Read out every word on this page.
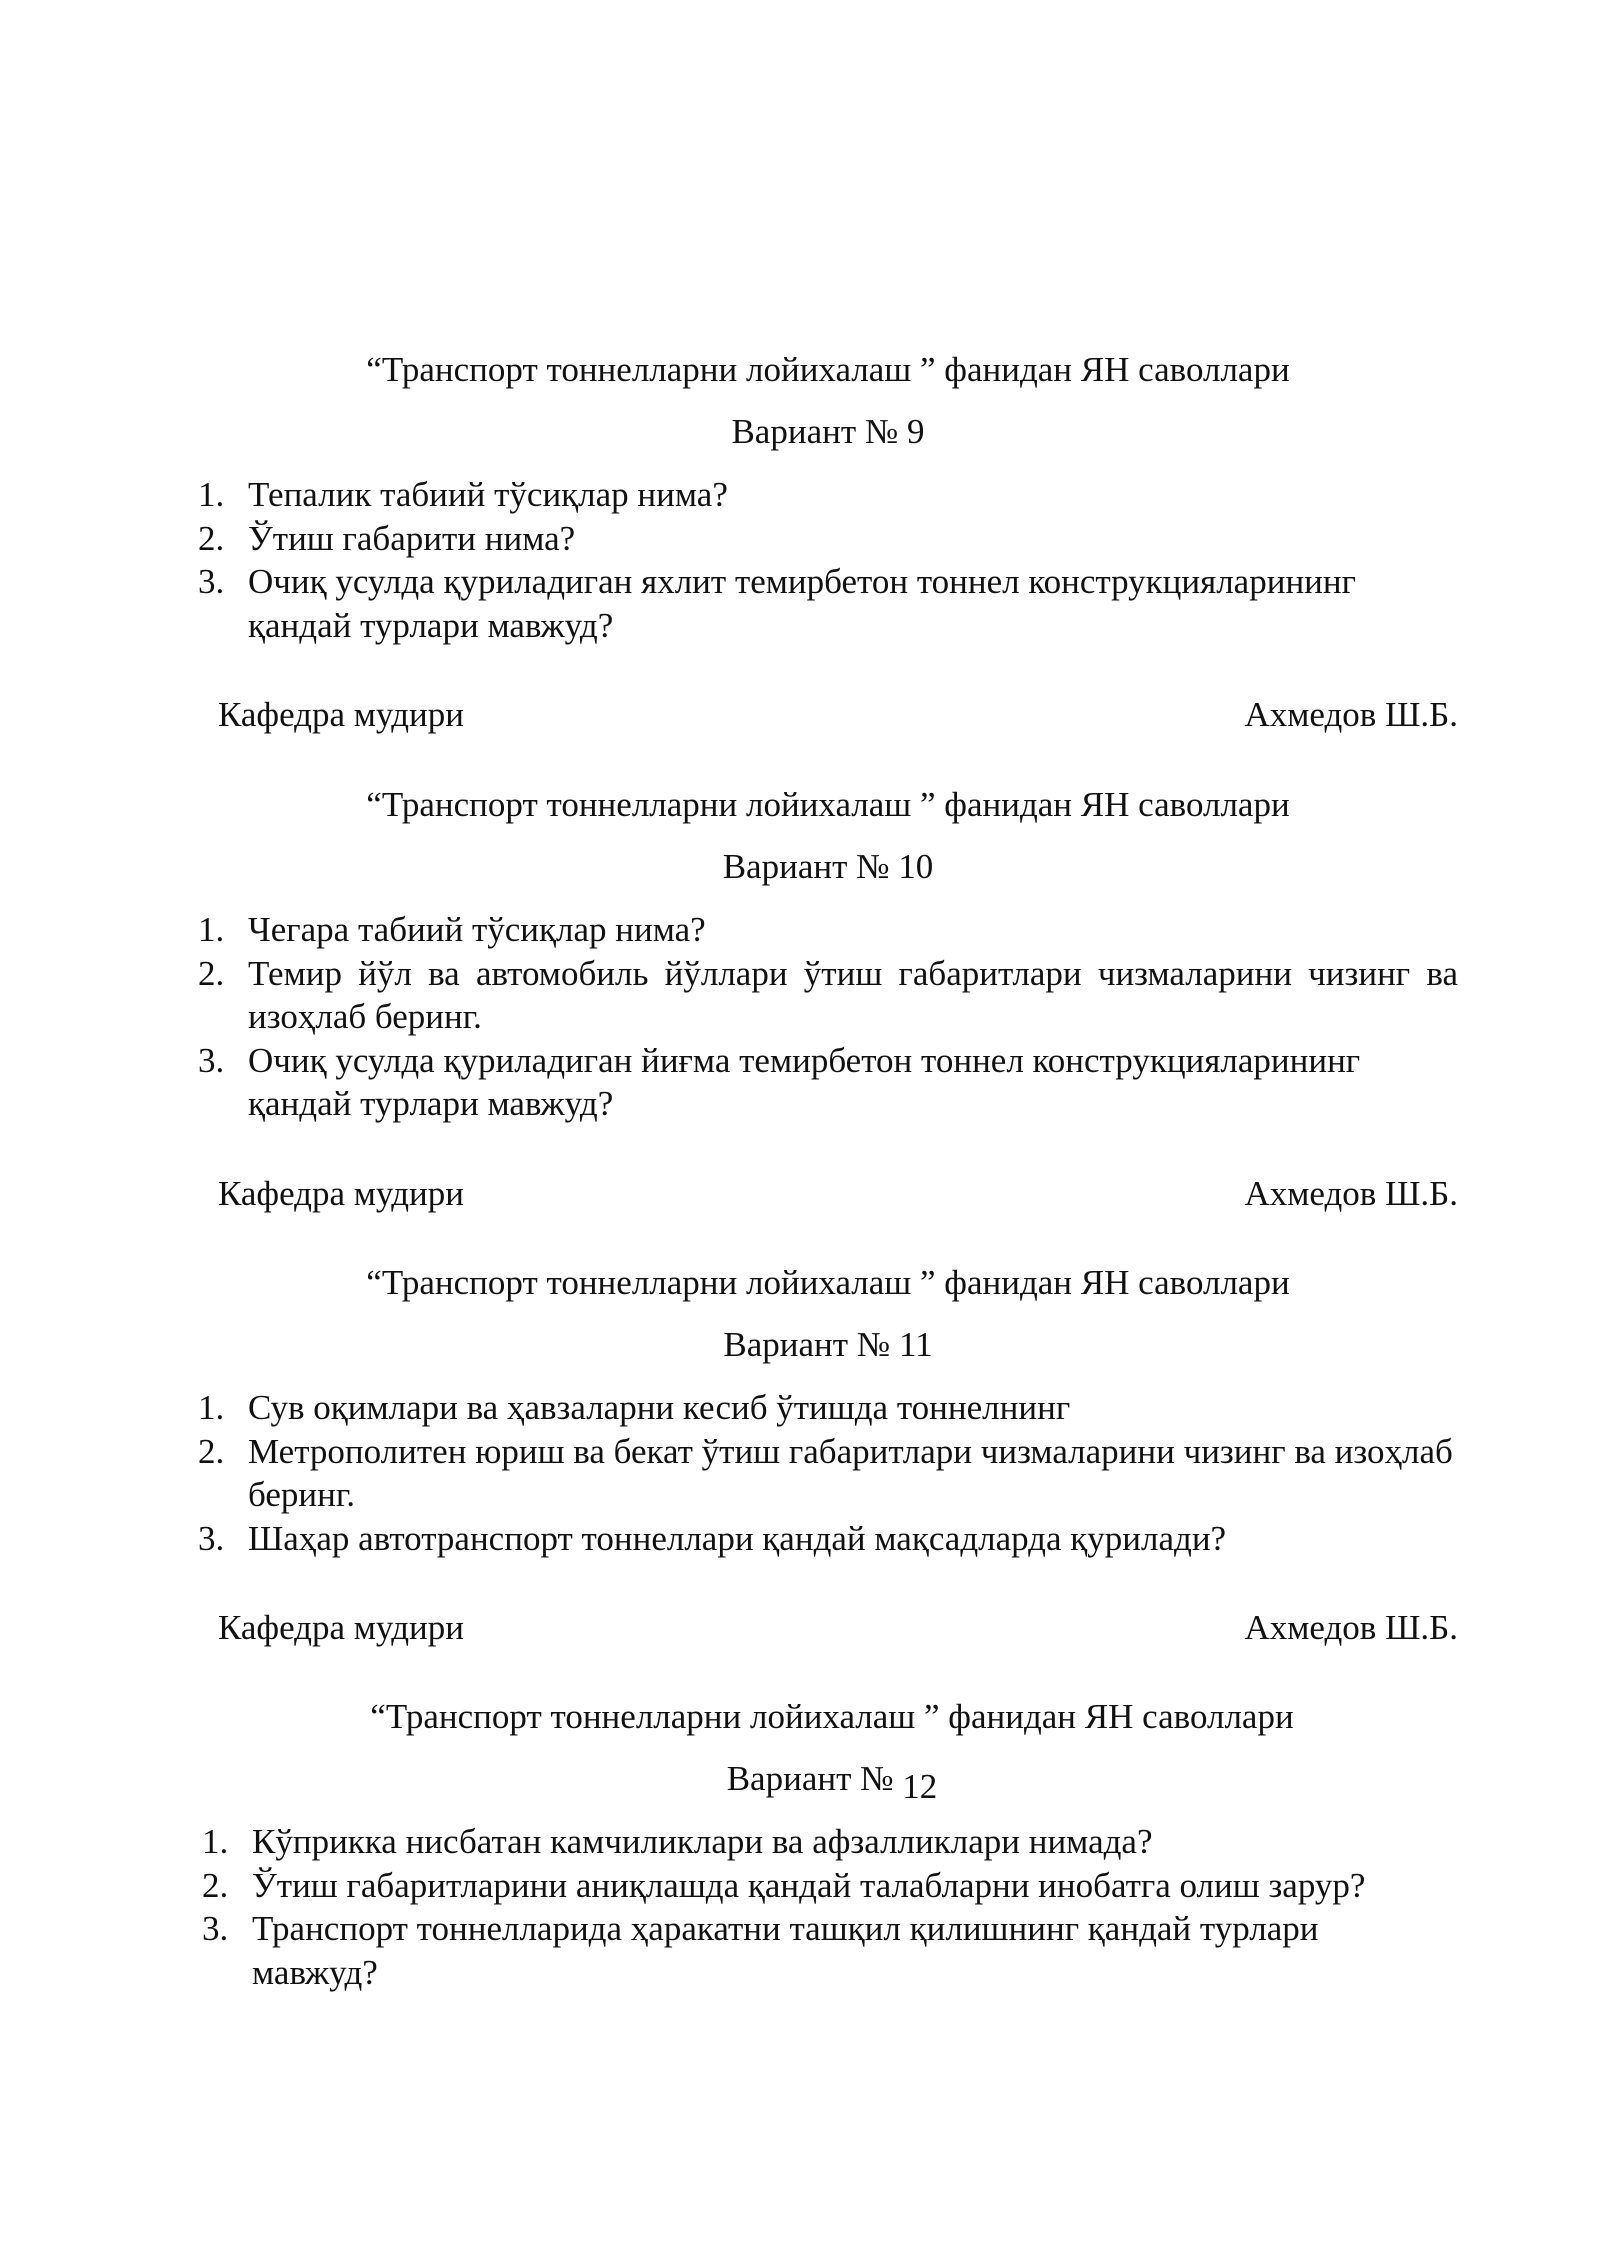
“Транспорт тоннелларни лойихалаш ” фанидан ЯН саволлари
Вариант № 9
1. Тепалик табиий тўсиқлар нима?
2. Ўтиш габарити нима?
3. Очиқ усулда қуриладиган яхлит темирбетон тоннел конструкцияларининг қандай турлари мавжуд?
Кафедра мудири	Ахмедов Ш.Б.
“Транспорт тоннелларни лойихалаш ” фанидан ЯН саволлари
Вариант № 10
1. Чегара табиий тўсиқлар нима?
2. Темир йўл ва автомобиль йўллари ўтиш габаритлари чизмаларини чизинг ва изоҳлаб беринг.
3. Очиқ усулда қуриладиган йиғма темирбетон тоннел конструкцияларининг қандай турлари мавжуд?
Кафедра мудири	Ахмедов Ш.Б.
“Транспорт тоннелларни лойихалаш ” фанидан ЯН саволлари
Вариант № 11
1. Сув оқимлари ва ҳавзаларни кесиб ўтишда тоннелнинг
2. Метрополитен юриш ва бекат ўтиш габаритлари чизмаларини чизинг ва изоҳлаб беринг.
3. Шаҳар автотранспорт тоннеллари қандай мақсадларда қурилади?
Кафедра мудири	Ахмедов Ш.Б.
“Транспорт тоннелларни лойихалаш ” фанидан ЯН саволлари
Вариант № 12
1. Кўприкка нисбатан камчиликлари ва афзалликлари нимада?
2. Ўтиш габаритларини аниқлашда қандай талабларни инобатга олиш зарур?
3. Транспорт тоннелларида ҳаракатни ташқил қилишнинг қандай турлари мавжуд?
